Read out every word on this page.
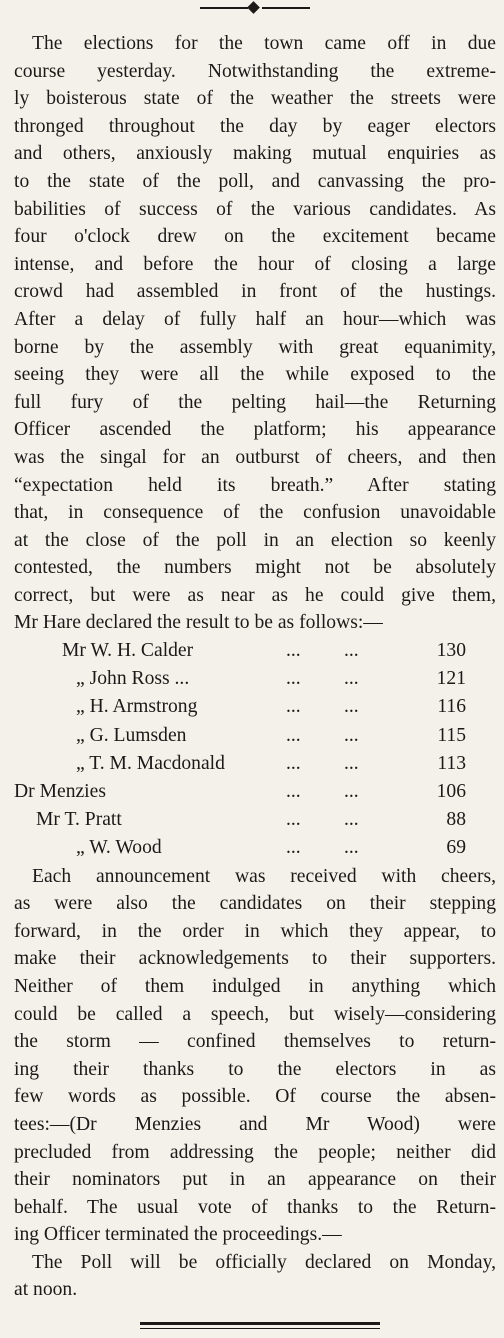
The elections for the town came off in due
course yesterday. Notwithstanding the extreme-
ly boisterous state of the weather the streets were
thronged throughout the day by eager electors
and others, anxiously making mutual enquiries as
to the state of the poll, and canvassing the pro-
babilities of success of the various candidates. As
four o'clock drew on the excitement became
intense, and before the hour of closing a large
crowd had assembled in front of the hustings.
After a delay of fully half an hour—which was
borne by the assembly with great equanimity,
seeing they were all the while exposed to the
full fury of the pelting hail—the Returning
Officer ascended the platform; his appearance
was the singal for an outburst of cheers, and then
“expectation held its breath.” After stating
that, in consequence of the confusion unavoidable
at the close of the poll in an election so keenly
contested, the numbers might not be absolutely
correct, but were as near as he could give them,
Mr Hare declared the result to be as follows:—
Mr W. H. Calder	... ...	130
„ John Ross ...	... ...	121
„ H. Armstrong	... ...	116
„ G. Lumsden	... ...	115
„ T. M. Macdonald	... ...	113
Dr Menzies	... ...	106
Mr T. Pratt	... ...	88
„ W. Wood	... ...	69
Each announcement was received with cheers,
as were also the candidates on their stepping
forward, in the order in which they appear, to
make their acknowledgements to their supporters.
Neither of them indulged in anything which
could be called a speech, but wisely—considering
the storm — confined themselves to return-
ing their thanks to the electors in as
few words as possible. Of course the absen-
tees:—(Dr Menzies and Mr Wood) were
precluded from addressing the people; neither did
their nominators put in an appearance on their
behalf. The usual vote of thanks to the Return-
ing Officer terminated the proceedings.—
The Poll will be officially declared on Monday,
at noon.
